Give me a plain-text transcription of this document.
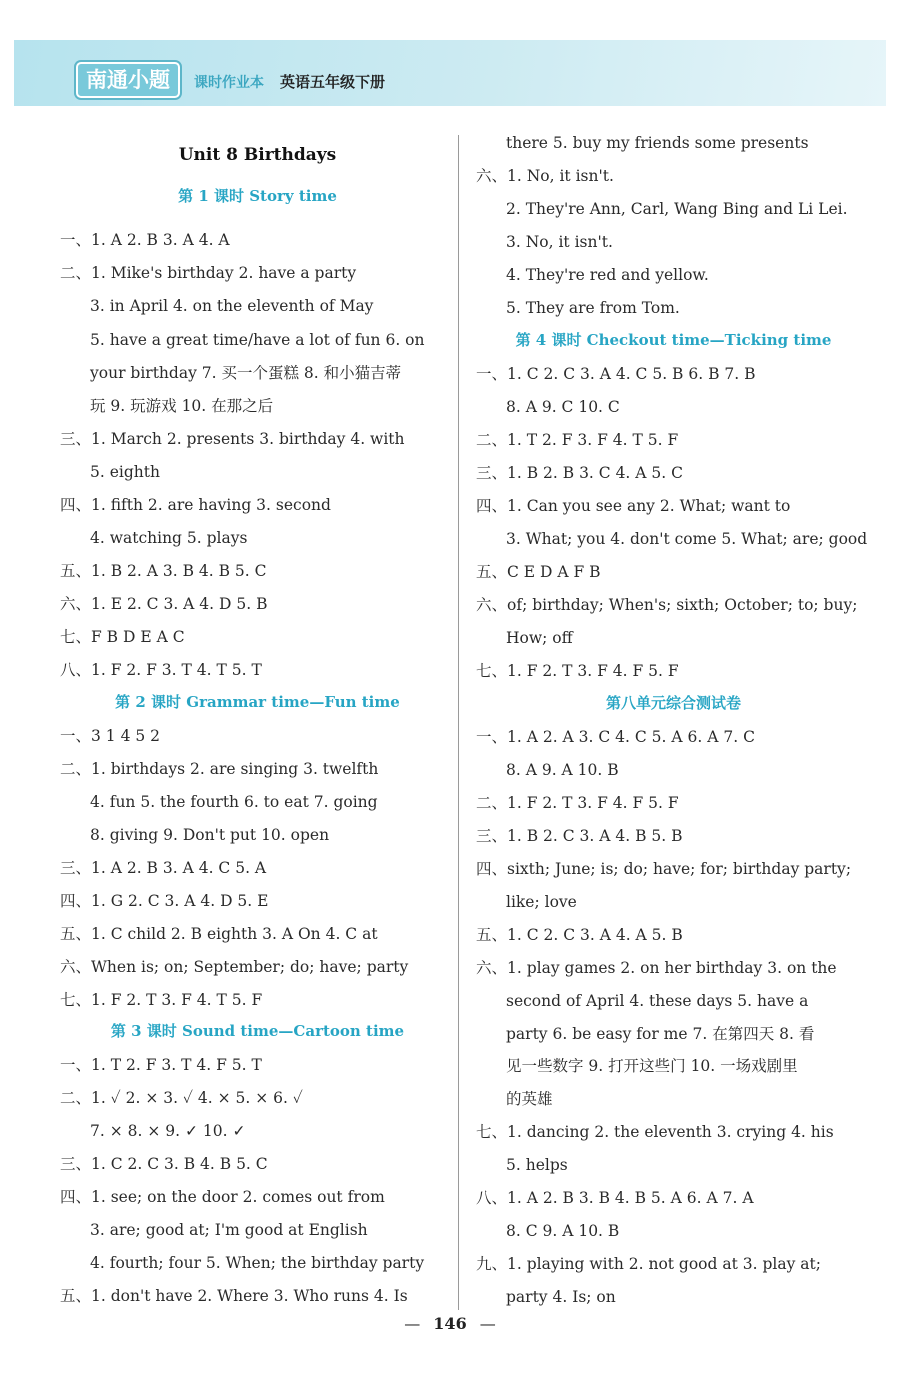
南通小题	课时作业本 英语五年级下册
Unit 8 Birthdays
第 1 课时 Story time
一、1. A 2. B 3. A 4. A
二、1. Mike's birthday 2. have a party
3. in April 4. on the eleventh of May
5. have a great time/have a lot of fun 6. on
your birthday 7. 买一个蛋糕 8. 和小猫吉蒂
玩 9. 玩游戏 10. 在那之后
三、1. March 2. presents 3. birthday 4. with
5. eighth
四、1. fifth 2. are having 3. second
4. watching 5. plays
五、1. B 2. A 3. B 4. B 5. C
六、1. E 2. C 3. A 4. D 5. B
七、F B D E A C
八、1. F 2. F 3. T 4. T 5. T
第 2 课时 Grammar time—Fun time
一、3 1 4 5 2
二、1. birthdays 2. are singing 3. twelfth
4. fun 5. the fourth 6. to eat 7. going
8. giving 9. Don't put 10. open
三、1. A 2. B 3. A 4. C 5. A
四、1. G 2. C 3. A 4. D 5. E
五、1. C child 2. B eighth 3. A On 4. C at
六、When is; on; September; do; have; party
七、1. F 2. T 3. F 4. T 5. F
第 3 课时 Sound time—Cartoon time
一、1. T 2. F 3. T 4. F 5. T
二、1. ✓ 2. × 3. ✓ 4. × 5. × 6. ✓
7. × 8. × 9. ✓ 10. ✓
三、1. C 2. C 3. B 4. B 5. C
四、1. see; on the door 2. comes out from
3. are; good at; I'm good at English
4. fourth; four 5. When; the birthday party
五、1. don't have 2. Where 3. Who runs 4. Is
there 5. buy my friends some presents
六、1. No, it isn't.
2. They're Ann, Carl, Wang Bing and Li Lei.
3. No, it isn't.
4. They're red and yellow.
5. They are from Tom.
第 4 课时 Checkout time—Ticking time
一、1. C 2. C 3. A 4. C 5. B 6. B 7. B
8. A 9. C 10. C
二、1. T 2. F 3. F 4. T 5. F
三、1. B 2. B 3. C 4. A 5. C
四、1. Can you see any 2. What; want to
3. What; you 4. don't come 5. What; are; good
五、C E D A F B
六、of; birthday; When's; sixth; October; to; buy;
How; off
七、1. F 2. T 3. F 4. F 5. F
第八单元综合测试卷
一、1. A 2. A 3. C 4. C 5. A 6. A 7. C
8. A 9. A 10. B
二、1. F 2. T 3. F 4. F 5. F
三、1. B 2. C 3. A 4. B 5. B
四、sixth; June; is; do; have; for; birthday party;
like; love
五、1. C 2. C 3. A 4. A 5. B
六、1. play games 2. on her birthday 3. on the
second of April 4. these days 5. have a
party 6. be easy for me 7. 在第四天 8. 看
见一些数字 9. 打开这些门 10. 一场戏剧里
的英雄
七、1. dancing 2. the eleventh 3. crying 4. his
5. helps
八、1. A 2. B 3. B 4. B 5. A 6. A 7. A
8. C 9. A 10. B
九、1. playing with 2. not good at 3. play at;
party 4. Is; on
— 146 —
